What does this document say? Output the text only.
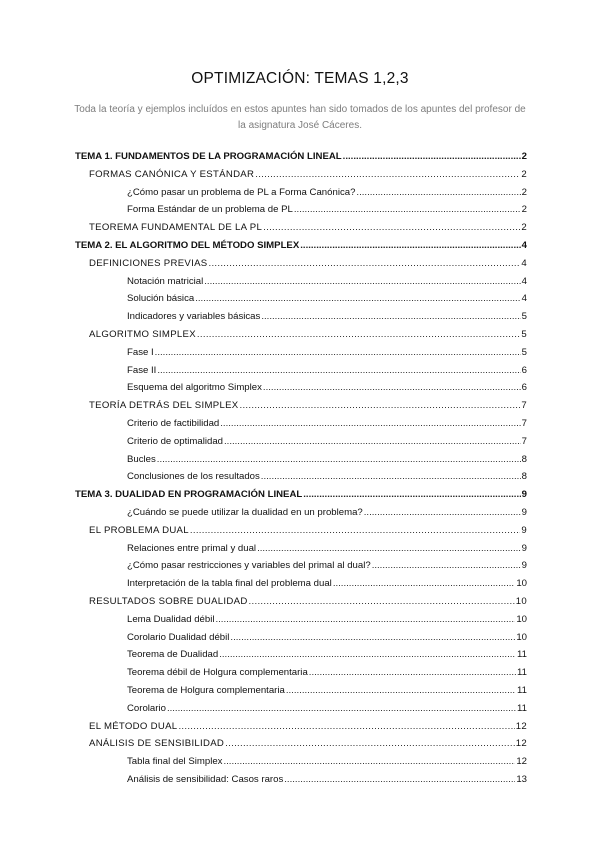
OPTIMIZACIÓN: TEMAS 1,2,3
Toda la teoría y ejemplos incluídos en estos apuntes han sido tomados de los apuntes del profesor de la asignatura José Cáceres.
TEMA 1. FUNDAMENTOS DE LA PROGRAMACIÓN LINEAL .....	2
FORMAS CANÓNICA Y ESTÁNDAR .....	2
¿Cómo pasar un problema de PL a Forma Canónica? .....	2
Forma Estándar de un problema de PL .....	2
TEOREMA FUNDAMENTAL DE LA PL .....	2
TEMA 2. EL ALGORITMO DEL MÉTODO SIMPLEX .....	4
DEFINICIONES PREVIAS .....	4
Notación matricial .....	4
Solución básica .....	4
Indicadores y variables básicas .....	5
ALGORITMO SIMPLEX .....	5
Fase I .....	5
Fase II .....	6
Esquema del algoritmo Simplex .....	6
TEORÍA DETRÁS DEL SIMPLEX .....	7
Criterio de factibilidad .....	7
Criterio de optimalidad .....	7
Bucles .....	8
Conclusiones de los resultados .....	8
TEMA 3. DUALIDAD EN PROGRAMACIÓN LINEAL .....	9
¿Cuándo se puede utilizar la dualidad en un problema? .....	9
EL PROBLEMA DUAL .....	9
Relaciones entre primal y dual .....	9
¿Cómo pasar restricciones y variables del primal al dual? .....	9
Interpretación de la tabla final del problema dual .....	10
RESULTADOS SOBRE DUALIDAD .....	10
Lema Dualidad débil .....	10
Corolario Dualidad débil .....	10
Teorema de Dualidad .....	11
Teorema débil de Holgura complementaria .....	11
Teorema de Holgura complementaria .....	11
Corolario .....	11
EL MÉTODO DUAL .....	12
ANÁLISIS DE SENSIBILIDAD .....	12
Tabla final del Simplex .....	12
Análisis de sensibilidad: Casos raros .....	13
